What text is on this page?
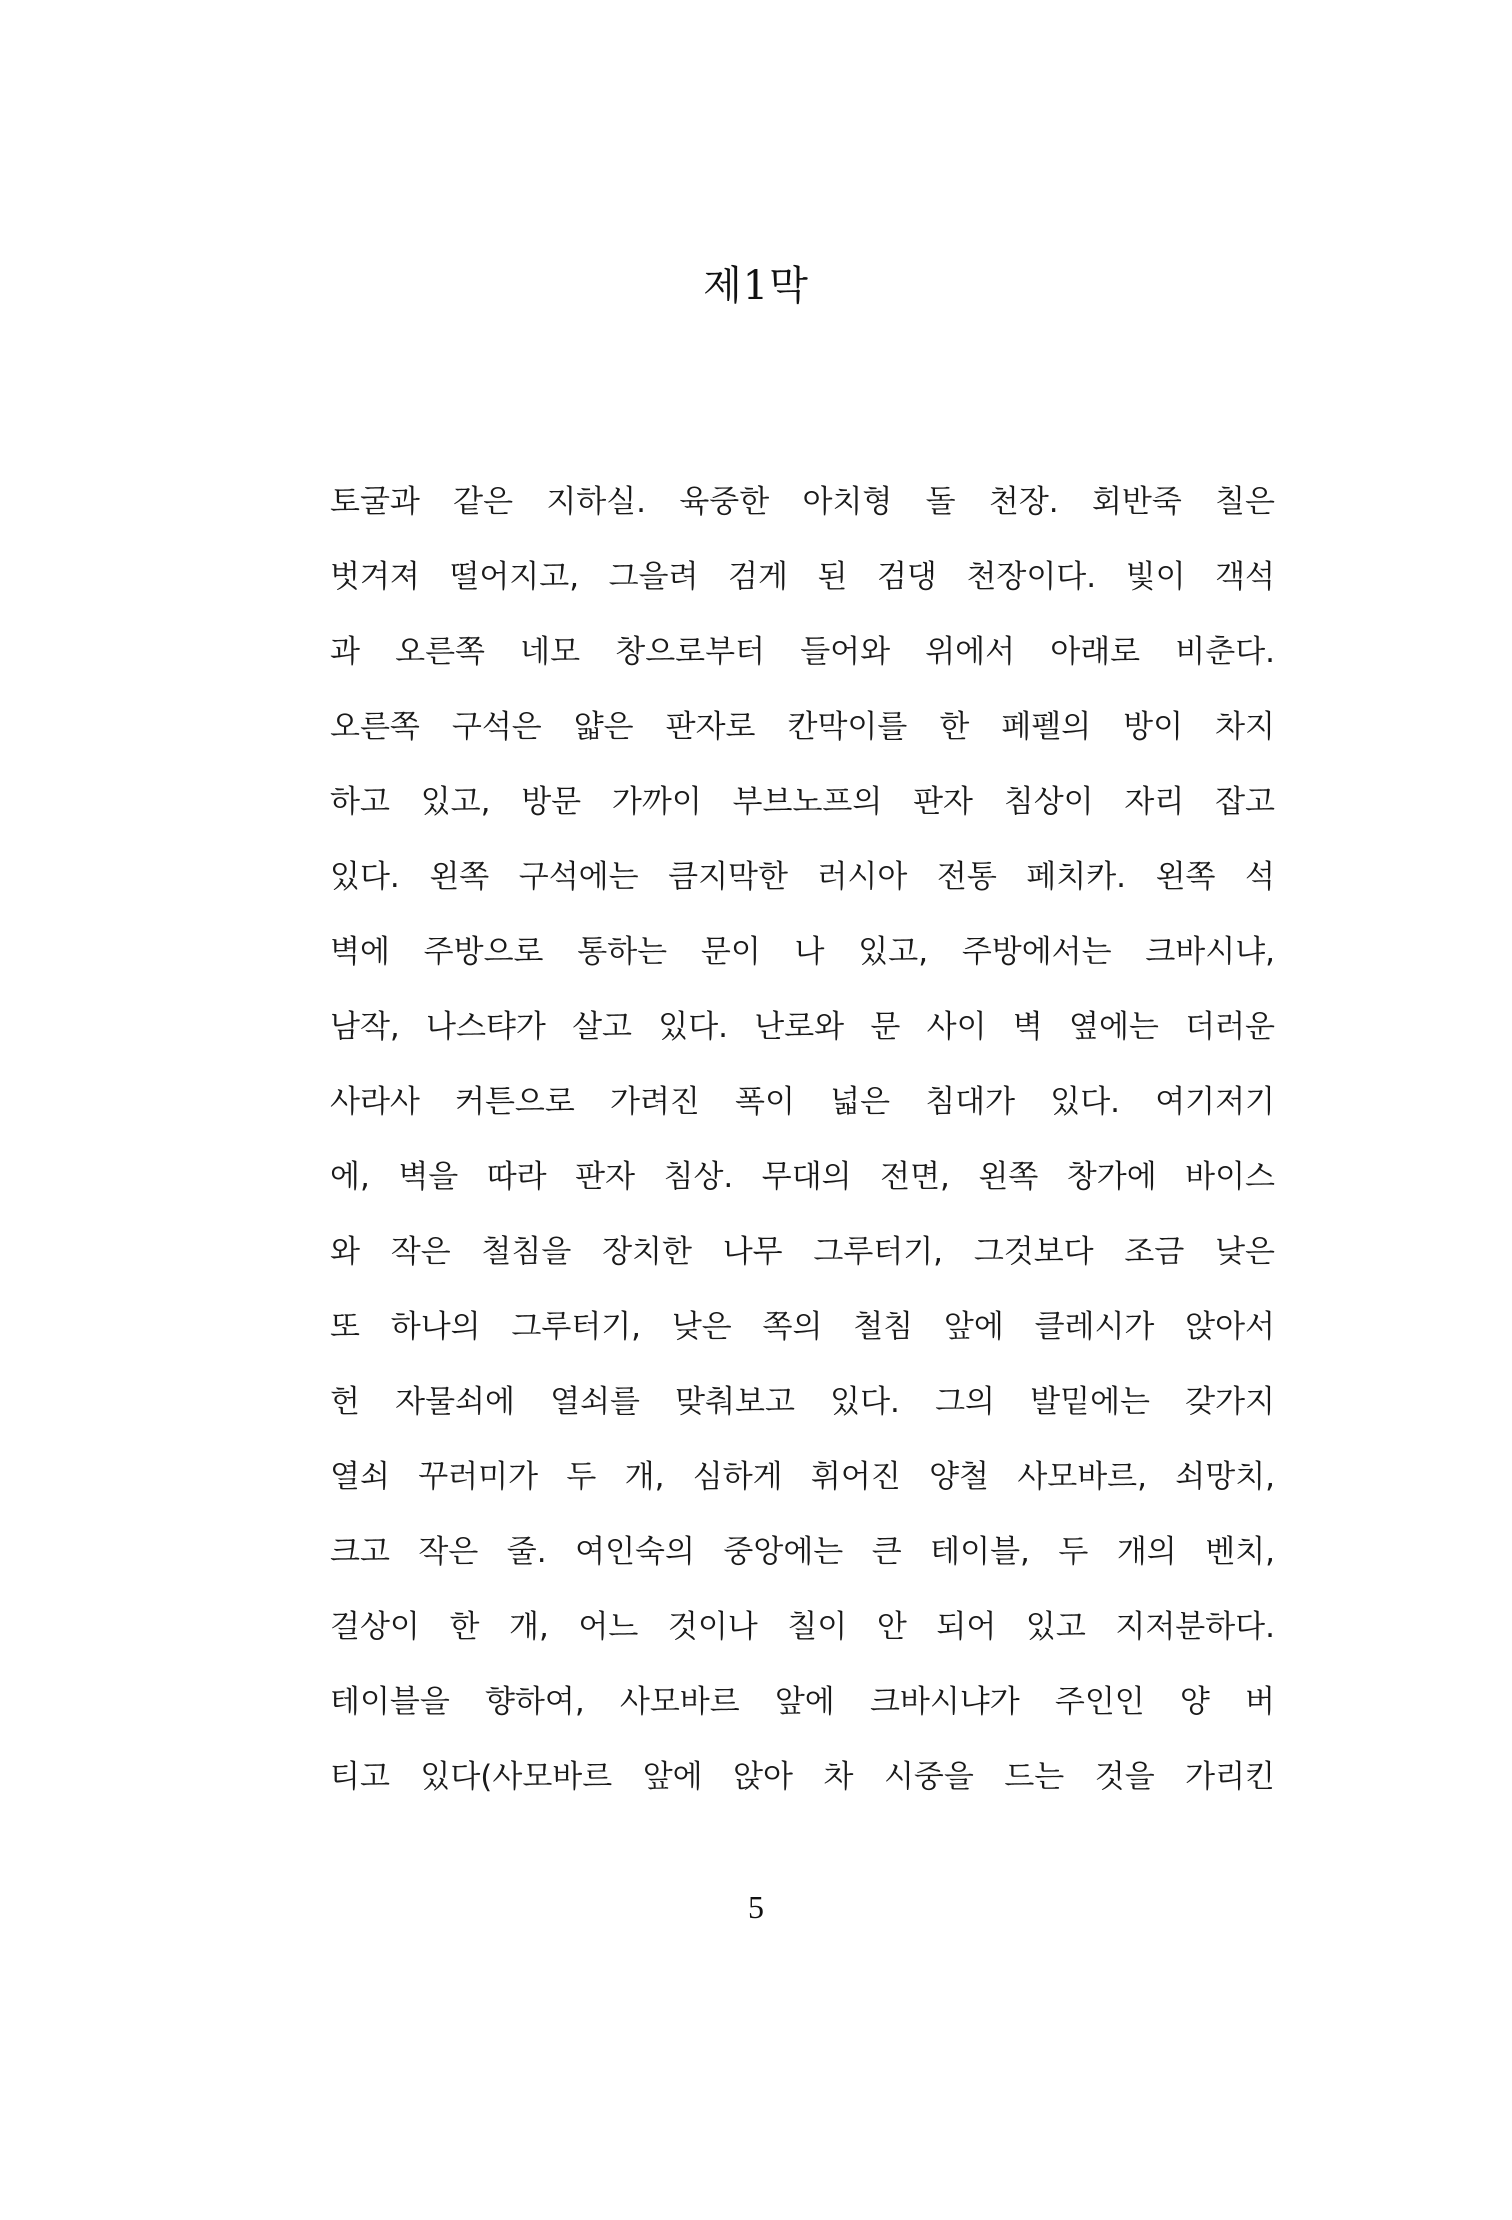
제1막
토굴과 같은 지하실. 육중한 아치형 돌 천장. 회반죽 칠은
벗겨져 떨어지고, 그을려 검게 된 검댕 천장이다. 빛이 객석
과 오른쪽 네모 창으로부터 들어와 위에서 아래로 비춘다.
오른쪽 구석은 얇은 판자로 칸막이를 한 페펠의 방이 차지
하고 있고, 방문 가까이 부브노프의 판자 침상이 자리 잡고
있다. 왼쪽 구석에는 큼지막한 러시아 전통 페치카. 왼쪽 석
벽에 주방으로 통하는 문이 나 있고, 주방에서는 크바시냐,
남작, 나스탸가 살고 있다. 난로와 문 사이 벽 옆에는 더러운
사라사 커튼으로 가려진 폭이 넓은 침대가 있다. 여기저기
에, 벽을 따라 판자 침상. 무대의 전면, 왼쪽 창가에 바이스
와 작은 철침을 장치한 나무 그루터기, 그것보다 조금 낮은
또 하나의 그루터기, 낮은 쪽의 철침 앞에 클레시가 앉아서
헌 자물쇠에 열쇠를 맞춰보고 있다. 그의 발밑에는 갖가지
열쇠 꾸러미가 두 개, 심하게 휘어진 양철 사모바르, 쇠망치,
크고 작은 줄. 여인숙의 중앙에는 큰 테이블, 두 개의 벤치,
걸상이 한 개, 어느 것이나 칠이 안 되어 있고 지저분하다.
테이블을 향하여, 사모바르 앞에 크바시냐가 주인인 양 버
티고 있다(사모바르 앞에 앉아 차 시중을 드는 것을 가리킨
5
